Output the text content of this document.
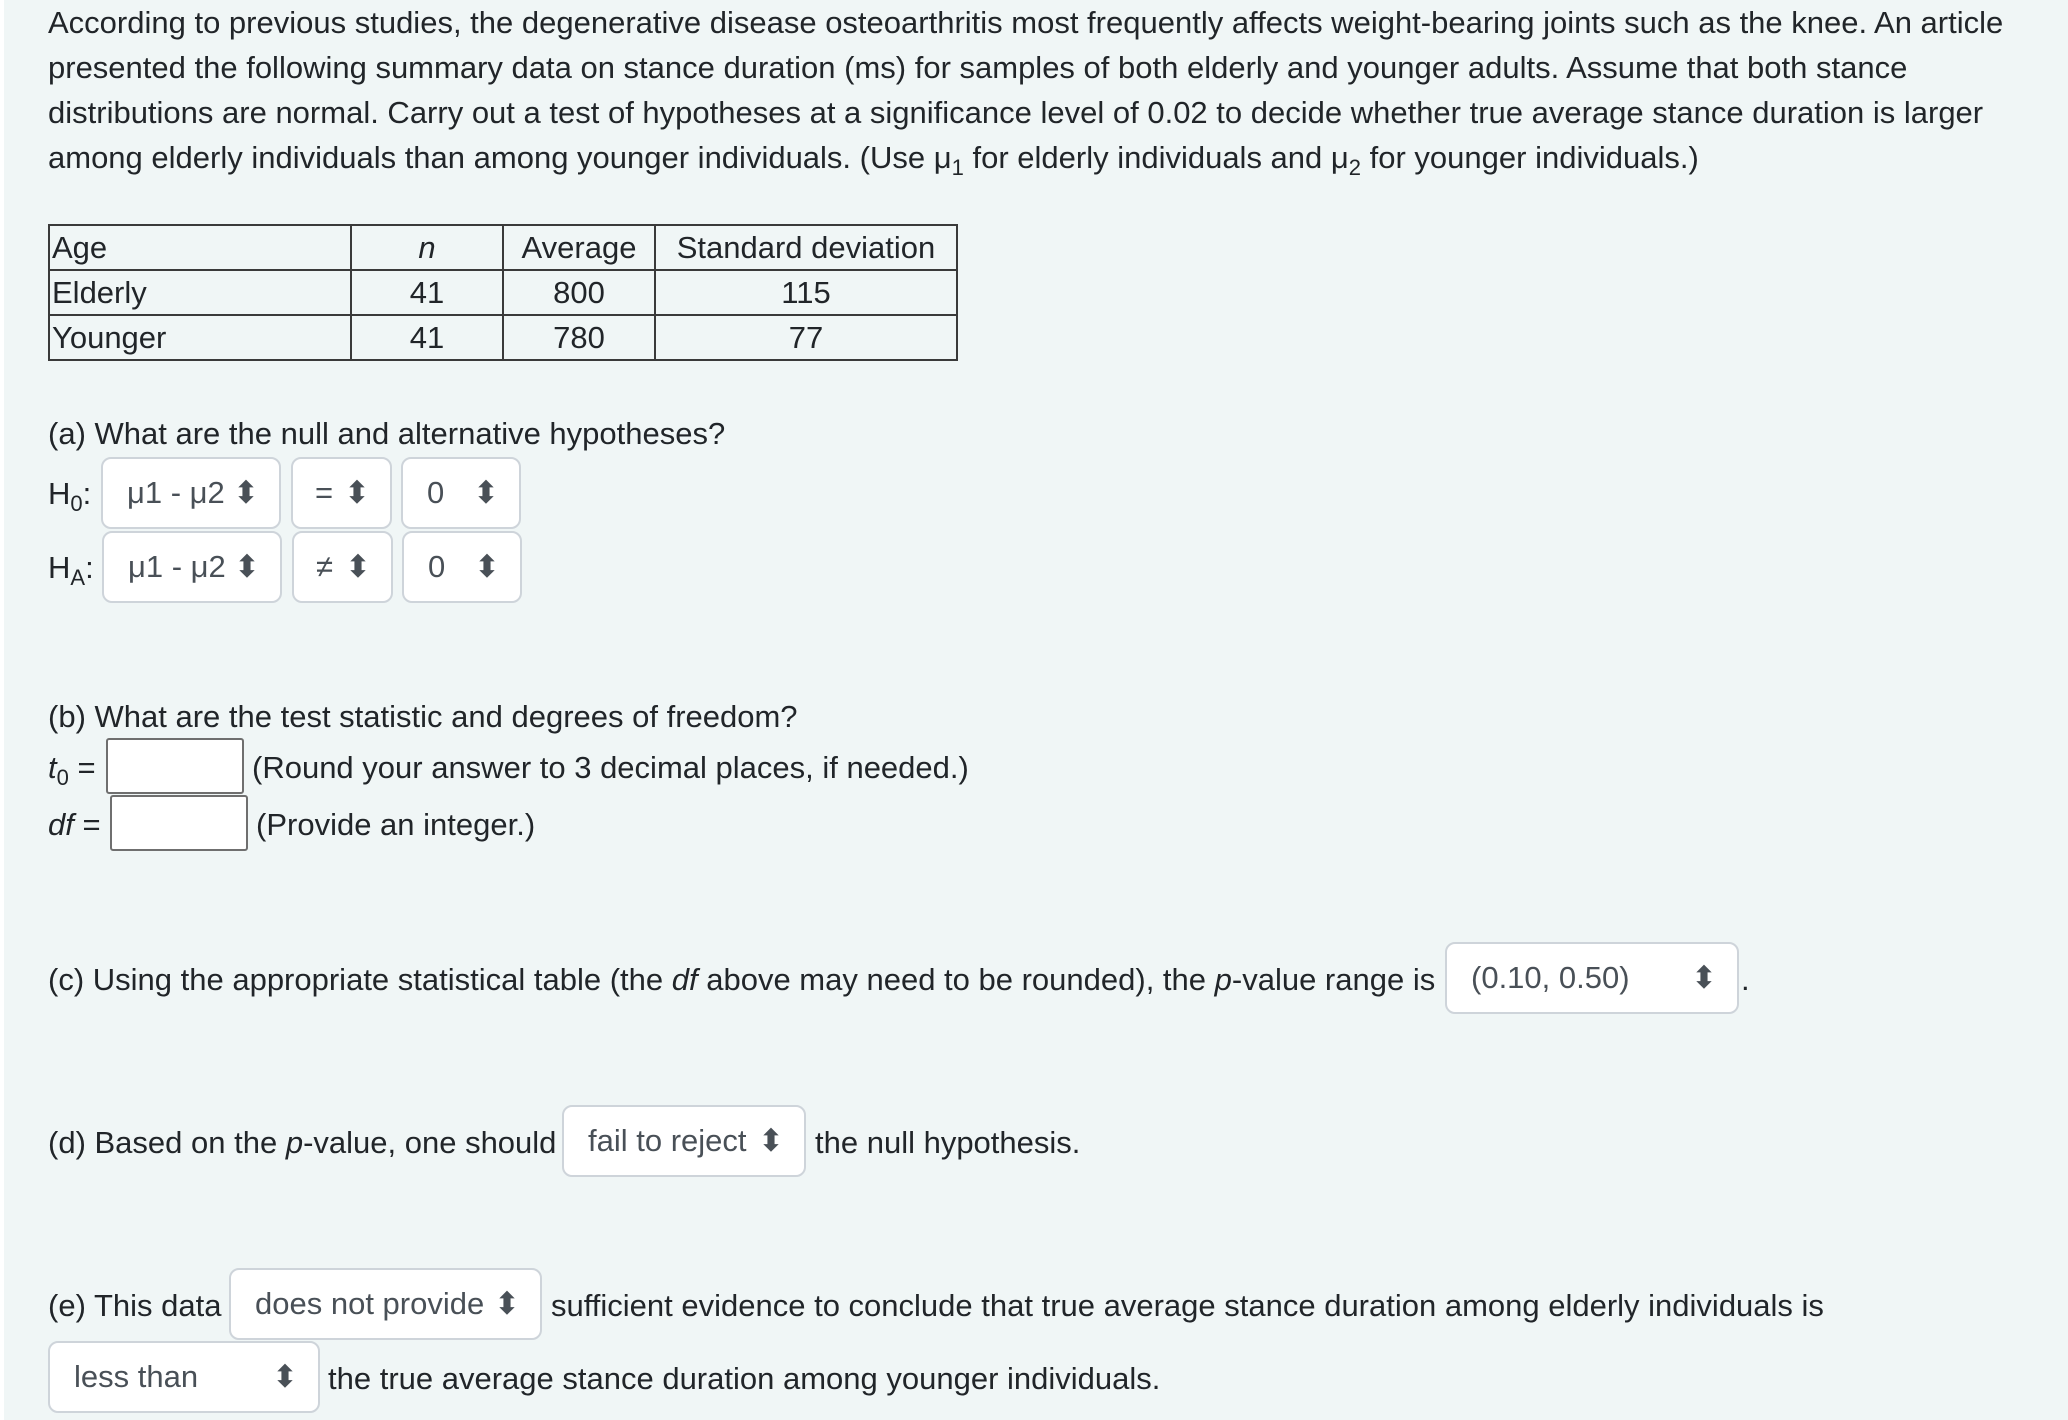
According to previous studies, the degenerative disease osteoarthritis most frequently affects weight-bearing joints such as the knee. An article presented the following summary data on stance duration (ms) for samples of both elderly and younger adults. Assume that both stance distributions are normal. Carry out a test of hypotheses at a significance level of 0.02 to decide whether true average stance duration is larger among elderly individuals than among younger individuals. (Use $\mu_1$ for elderly individuals and $\mu_2$ for younger individuals.)
Age	n	Average	Standard deviation
Elderly	41	800	115
Younger	41	780	77
(a) What are the null and alternative hypotheses?
$H_0$: μ1 - μ2 ⬍ = ⬍ 0 ⬍
$H_A$: μ1 - μ2 ⬍ ≠ ⬍ 0 ⬍
(b) What are the test statistic and degrees of freedom?
$t_0$ =	(Round your answer to 3 decimal places, if needed.)
df =	(Provide an integer.)
(c) Using the appropriate statistical table (the df above may need to be rounded), the p-value range is (0.10, 0.50) ⬍ .
(d) Based on the p-value, one should fail to reject ⬍ the null hypothesis.
(e) This data does not provide ⬍ sufficient evidence to conclude that true average stance duration among elderly individuals is
less than ⬍ the true average stance duration among younger individuals.
